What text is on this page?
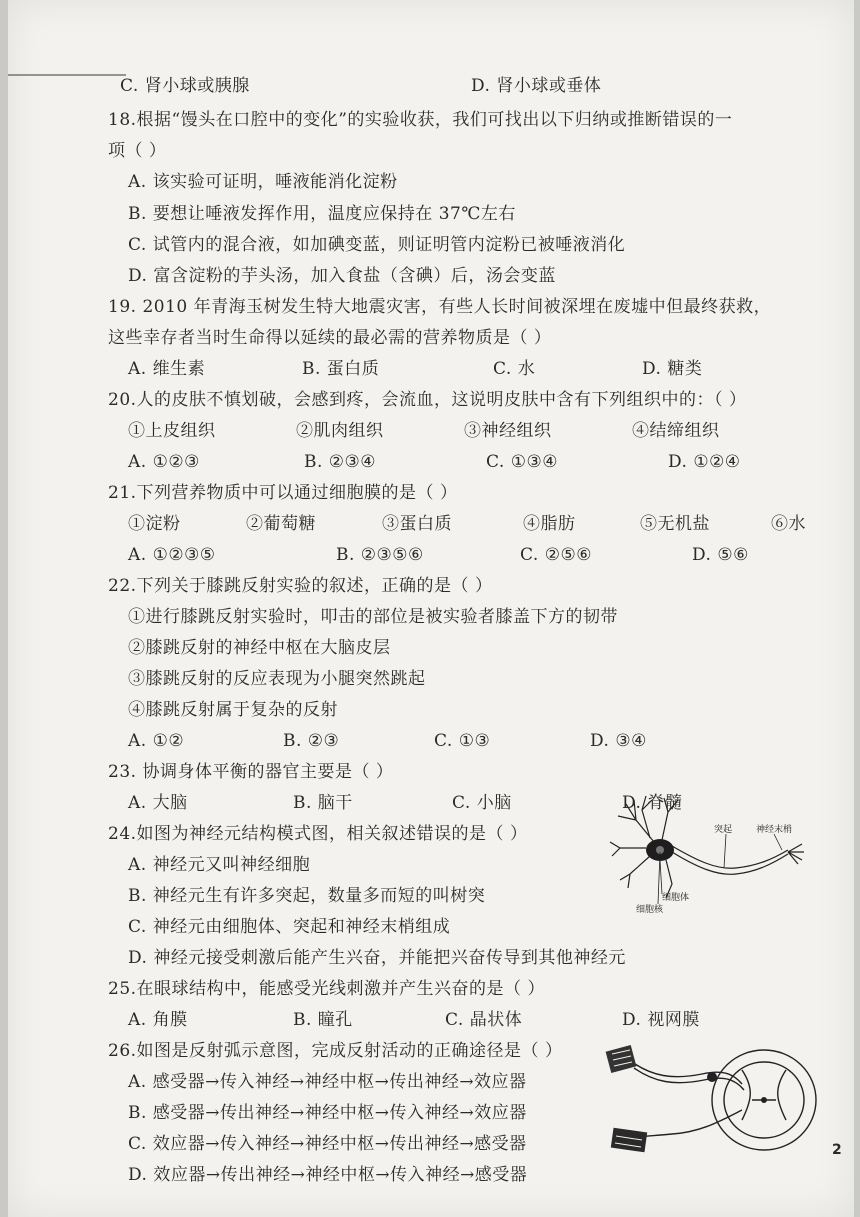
C. 肾小球或胰腺	D. 肾小球或垂体
18.根据“馒头在口腔中的变化”的实验收获，我们可找出以下归纳或推断错误的一
项（ ）
A. 该实验可证明，唾液能消化淀粉
B. 要想让唾液发挥作用，温度应保持在 37℃左右
C. 试管内的混合液，如加碘变蓝，则证明管内淀粉已被唾液消化
D. 富含淀粉的芋头汤，加入食盐（含碘）后，汤会变蓝
19. 2010 年青海玉树发生特大地震灾害，有些人长时间被深埋在废墟中但最终获救，
这些幸存者当时生命得以延续的最必需的营养物质是（ ）
A. 维生素	B. 蛋白质	C. 水	D. 糖类
20.人的皮肤不慎划破，会感到疼，会流血，这说明皮肤中含有下列组织中的：（ ）
①上皮组织	②肌肉组织	③神经组织	④结缔组织
A. ①②③	B. ②③④	C. ①③④	D. ①②④
21.下列营养物质中可以通过细胞膜的是（ ）
①淀粉	②葡萄糖	③蛋白质	④脂肪	⑤无机盐	⑥水
A. ①②③⑤	B. ②③⑤⑥	C. ②⑤⑥	D. ⑤⑥
22.下列关于膝跳反射实验的叙述，正确的是（ ）
①进行膝跳反射实验时，叩击的部位是被实验者膝盖下方的韧带
②膝跳反射的神经中枢在大脑皮层
③膝跳反射的反应表现为小腿突然跳起
④膝跳反射属于复杂的反射
A. ①②	B. ②③	C. ①③	D. ③④
23. 协调身体平衡的器官主要是（ ）
A. 大脑	B. 脑干	C. 小脑	D. 脊髓
24.如图为神经元结构模式图，相关叙述错误的是（ ）
A. 神经元又叫神经细胞
B. 神经元生有许多突起，数量多而短的叫树突
C. 神经元由细胞体、突起和神经末梢组成
D. 神经元接受刺激后能产生兴奋，并能把兴奋传导到其他神经元
25.在眼球结构中，能感受光线刺激并产生兴奋的是（ ）
A. 角膜	B. 瞳孔	C. 晶状体	D. 视网膜
26.如图是反射弧示意图，完成反射活动的正确途径是（ ）
A. 感受器→传入神经→神经中枢→传出神经→效应器
B. 感受器→传出神经→神经中枢→传入神经→效应器
C. 效应器→传入神经→神经中枢→传出神经→感受器
D. 效应器→传出神经→神经中枢→传入神经→感受器
突起	神经末梢
细胞体
细胞核
2
